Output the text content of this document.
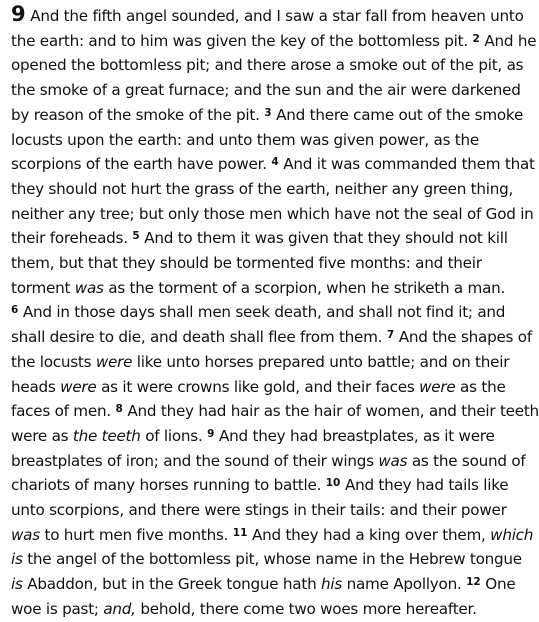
9 And the fifth angel sounded, and I saw a star fall from heaven unto
the earth: and to him was given the key of the bottomless pit. $^2$ And he
opened the bottomless pit; and there arose a smoke out of the pit, as
the smoke of a great furnace; and the sun and the air were darkened
by reason of the smoke of the pit. $^3$ And there came out of the smoke
locusts upon the earth: and unto them was given power, as the
scorpions of the earth have power. $^4$ And it was commanded them that
they should not hurt the grass of the earth, neither any green thing,
neither any tree; but only those men which have not the seal of God in
their foreheads. $^5$ And to them it was given that they should not kill
them, but that they should be tormented five months: and their
torment was as the torment of a scorpion, when he striketh a man.
$^6$ And in those days shall men seek death, and shall not find it; and
shall desire to die, and death shall flee from them. $^7$ And the shapes of
the locusts were like unto horses prepared unto battle; and on their
heads were as it were crowns like gold, and their faces were as the
faces of men. $^8$ And they had hair as the hair of women, and their teeth
were as the teeth of lions. $^9$ And they had breastplates, as it were
breastplates of iron; and the sound of their wings was as the sound of
chariots of many horses running to battle. $^{10}$ And they had tails like
unto scorpions, and there were stings in their tails: and their power
was to hurt men five months. $^{11}$ And they had a king over them, which
is the angel of the bottomless pit, whose name in the Hebrew tongue
is Abaddon, but in the Greek tongue hath his name Apollyon. $^{12}$ One
woe is past; and, behold, there come two woes more hereafter.
